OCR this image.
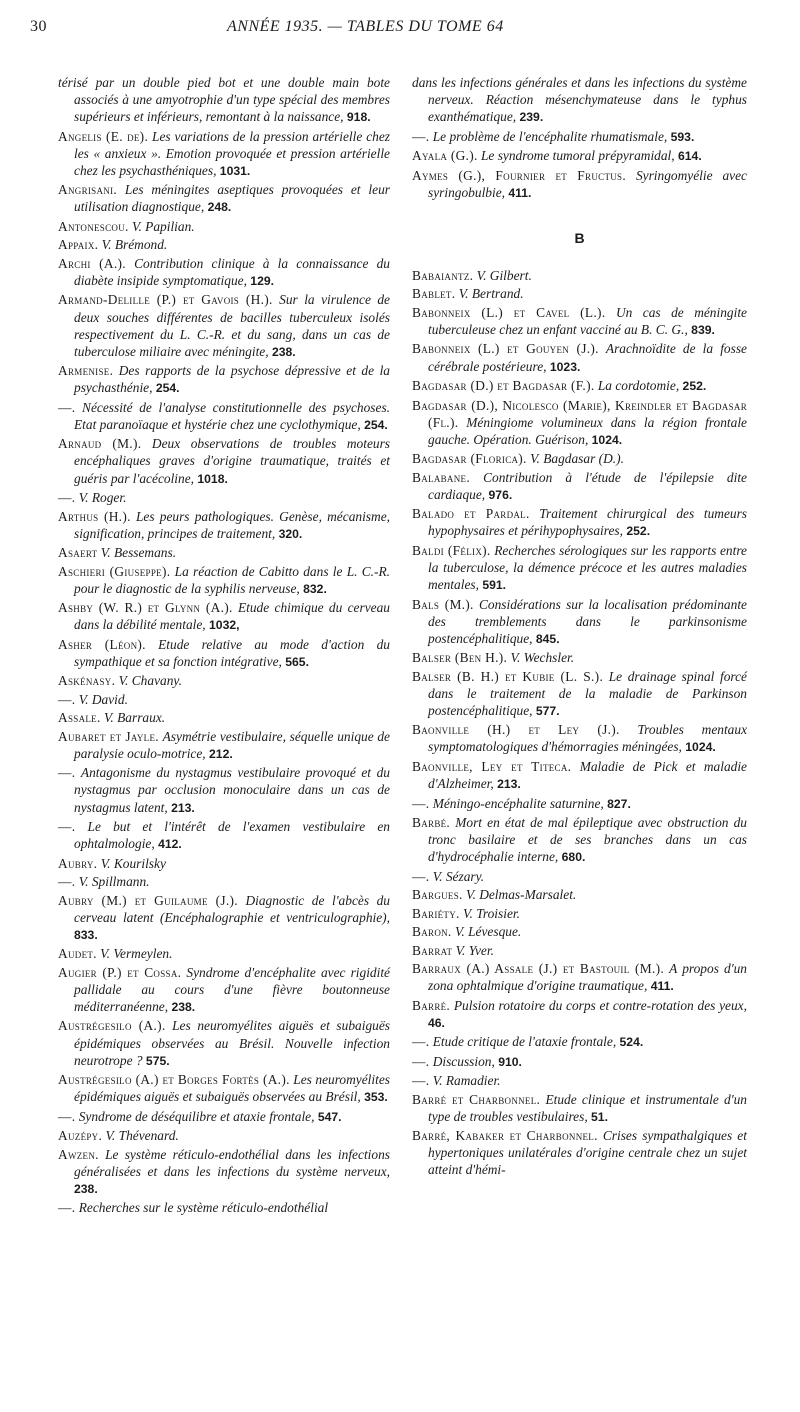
30	ANNÉE 1935. — TABLES DU TOME 64

térisé par un double pied bot et une double main bote associés à une amyotrophie d'un type spécial des membres supérieurs et inférieurs, remontant à la naissance, 918.

Angelis (E. de). Les variations de la pression artérielle chez les « anxieux ». Emotion provoquée et pression artérielle chez les psychasthéniques, 1031.

Angrisani. Les méningites aseptiques provoquées et leur utilisation diagnostique, 248.

Antonescou. V. Papilian.

Appaix. V. Brémond.

Archi (A.). Contribution clinique à la connaissance du diabète insipide symptomatique, 129.

Armand-Delille (P.) et Gavois (H.). Sur la virulence de deux souches différentes de bacilles tuberculeux isolés respectivement du L. C.-R. et du sang, dans un cas de tuberculose miliaire avec méningite, 238.

Armenise. Des rapports de la psychose dépressive et de la psychasthénie, 254.

—. Nécessité de l'analyse constitutionnelle des psychoses. Etat paranoïaque et hystérie chez une cyclothymique, 254.

Arnaud (M.). Deux observations de troubles moteurs encéphaliques graves d'origine traumatique, traités et guéris par l'acécoline, 1018.

—. V. Roger.

Arthus (H.). Les peurs pathologiques. Genèse, mécanisme, signification, principes de traitement, 320.

Asaert V. Bessemans.

Aschieri (Giuseppe). La réaction de Cabitto dans le L. C.-R. pour le diagnostic de la syphilis nerveuse, 832.

Ashby (W. R.) et Glynn (A.). Etude chimique du cerveau dans la débilité mentale, 1032,

Asher (Léon). Etude relative au mode d'action du sympathique et sa fonction intégrative, 565.

Askénasy. V. Chavany.

—. V. David.

Assale. V. Barraux.

Aubaret et Jayle. Asymétrie vestibulaire, séquelle unique de paralysie oculo-motrice, 212.

—. Antagonisme du nystagmus vestibulaire provoqué et du nystagmus par occlusion monoculaire dans un cas de nystagmus latent, 213.

—. Le but et l'intérêt de l'examen vestibulaire en ophtalmologie, 412.

Aubry. V. Kourilsky

—. V. Spillmann.

Aubry (M.) et Guilaume (J.). Diagnostic de l'abcès du cerveau latent (Encéphalographie et ventriculographie), 833.

Audet. V. Vermeylen.

Augier (P.) et Cossa. Syndrome d'encéphalite avec rigidité pallidale au cours d'une fièvre boutonneuse méditerranéenne, 238.

Austrégesilo (A.). Les neuromyélites aiguës et subaiguës épidémiques observées au Brésil. Nouvelle infection neurotrope ? 575.

Austrégesilo (A.) et Borges Fortès (A.). Les neuromyélites épidémiques aiguës et subaiguës observées au Brésil, 353.

—. Syndrome de déséquilibre et ataxie frontale, 547.

Auzépy. V. Thévenard.

Awzen. Le système réticulo-endothélial dans les infections généralisées et dans les infections du système nerveux, 238.

—. Recherches sur le système réticulo-endothélial

dans les infections générales et dans les infections du système nerveux. Réaction mésenchymateuse dans le typhus exanthématique, 239.

—. Le problème de l'encéphalite rhumatismale, 593.

Ayala (G.). Le syndrome tumoral prépyramidal, 614.

Aymes (G.), Fournier et Fructus. Syringomyélie avec syringobulbie, 411.

B

Babaiantz. V. Gilbert.

Bablet. V. Bertrand.

Babonneix (L.) et Cavel (L.). Un cas de méningite tuberculeuse chez un enfant vacciné au B. C. G., 839.

Babonneix (L.) et Gouyen (J.). Arachnoïdite de la fosse cérébrale postérieure, 1023.

Bagdasar (D.) et Bagdasar (F.). La cordotomie, 252.

Bagdasar (D.), Nicolesco (Marie), Kreindler et Bagdasar (Fl.). Méningiome volumineux dans la région frontale gauche. Opération. Guérison, 1024.

Bagdasar (Florica). V. Bagdasar (D.).

Balabane. Contribution à l'étude de l'épilepsie dite cardiaque, 976.

Balado et Pardal. Traitement chirurgical des tumeurs hypophysaires et périhypophysaires, 252.

Baldi (Félix). Recherches sérologiques sur les rapports entre la tuberculose, la démence précoce et les autres maladies mentales, 591.

Bals (M.). Considérations sur la localisation prédominante des tremblements dans le parkinsonisme postencéphalitique, 845.

Balser (Ben H.). V. Wechsler.

Balser (B. H.) et Kubie (L. S.). Le drainage spinal forcé dans le traitement de la maladie de Parkinson postencéphalitique, 577.

Baonville (H.) et Ley (J.). Troubles mentaux symptomatologiques d'hémorragies méningées, 1024.

Baonville, Ley et Titeca. Maladie de Pick et maladie d'Alzheimer, 213.

—. Méningo-encéphalite saturnine, 827.

Barbé. Mort en état de mal épileptique avec obstruction du tronc basilaire et de ses branches dans un cas d'hydrocéphalie interne, 680.

—. V. Sézary.

Bargues. V. Delmas-Marsalet.

Bariéty. V. Troisier.

Baron. V. Lévesque.

Barrat V. Yver.

Barraux (A.) Assale (J.) et Bastouil (M.). A propos d'un zona ophtalmique d'origine traumatique, 411.

Barré. Pulsion rotatoire du corps et contre-rotation des yeux, 46.

—. Etude critique de l'ataxie frontale, 524.

—. Discussion, 910.

—. V. Ramadier.

Barré et Charbonnel. Etude clinique et instrumentale d'un type de troubles vestibulaires, 51.

Barré, Kabaker et Charbonnel. Crises sympathalgiques et hypertoniques unilatérales d'origine centrale chez un sujet atteint d'hémi-
